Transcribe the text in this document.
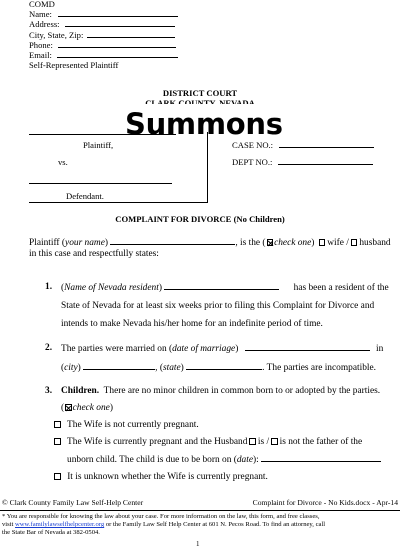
COMD
Name:
Address:
City, State, Zip:
Phone:
Email:
Self-Represented Plaintiff
DISTRICT COURT
Summons
Plaintiff,
vs.
Defendant.
CASE NO.:
DEPT NO.:
COMPLAINT FOR DIVORCE (No Children)
Plaintiff (your name)	, is the ( check one) wife / husband
in this case and respectfully states:
1. (Name of Nevada resident)	has been a resident of the
State of Nevada for at least six weeks prior to filing this Complaint for Divorce and
intends to make Nevada his/her home for an indefinite period of time.
2. The parties were married on (date of marriage)	in
(city)	, (state)	. The parties are incompatible.
3. Children. There are no minor children in common born to or adopted by the parties.
( check one)
The Wife is not currently pregnant.
The Wife is currently pregnant and the Husband is / is not the father of the
unborn child. The child is due to be born on (date):
It is unknown whether the Wife is currently pregnant.
© Clark County Family Law Self-Help Center	Complaint for Divorce - No Kids.docx - Apr-14
* You are responsible for knowing the law about your case. For more information on the law, this form, and free classes,
visit www.familylawselfhelpcenter.org or the Family Law Self Help Center at 601 N. Pecos Road. To find an attorney, call
the State Bar of Nevada at 382-0504.
1
